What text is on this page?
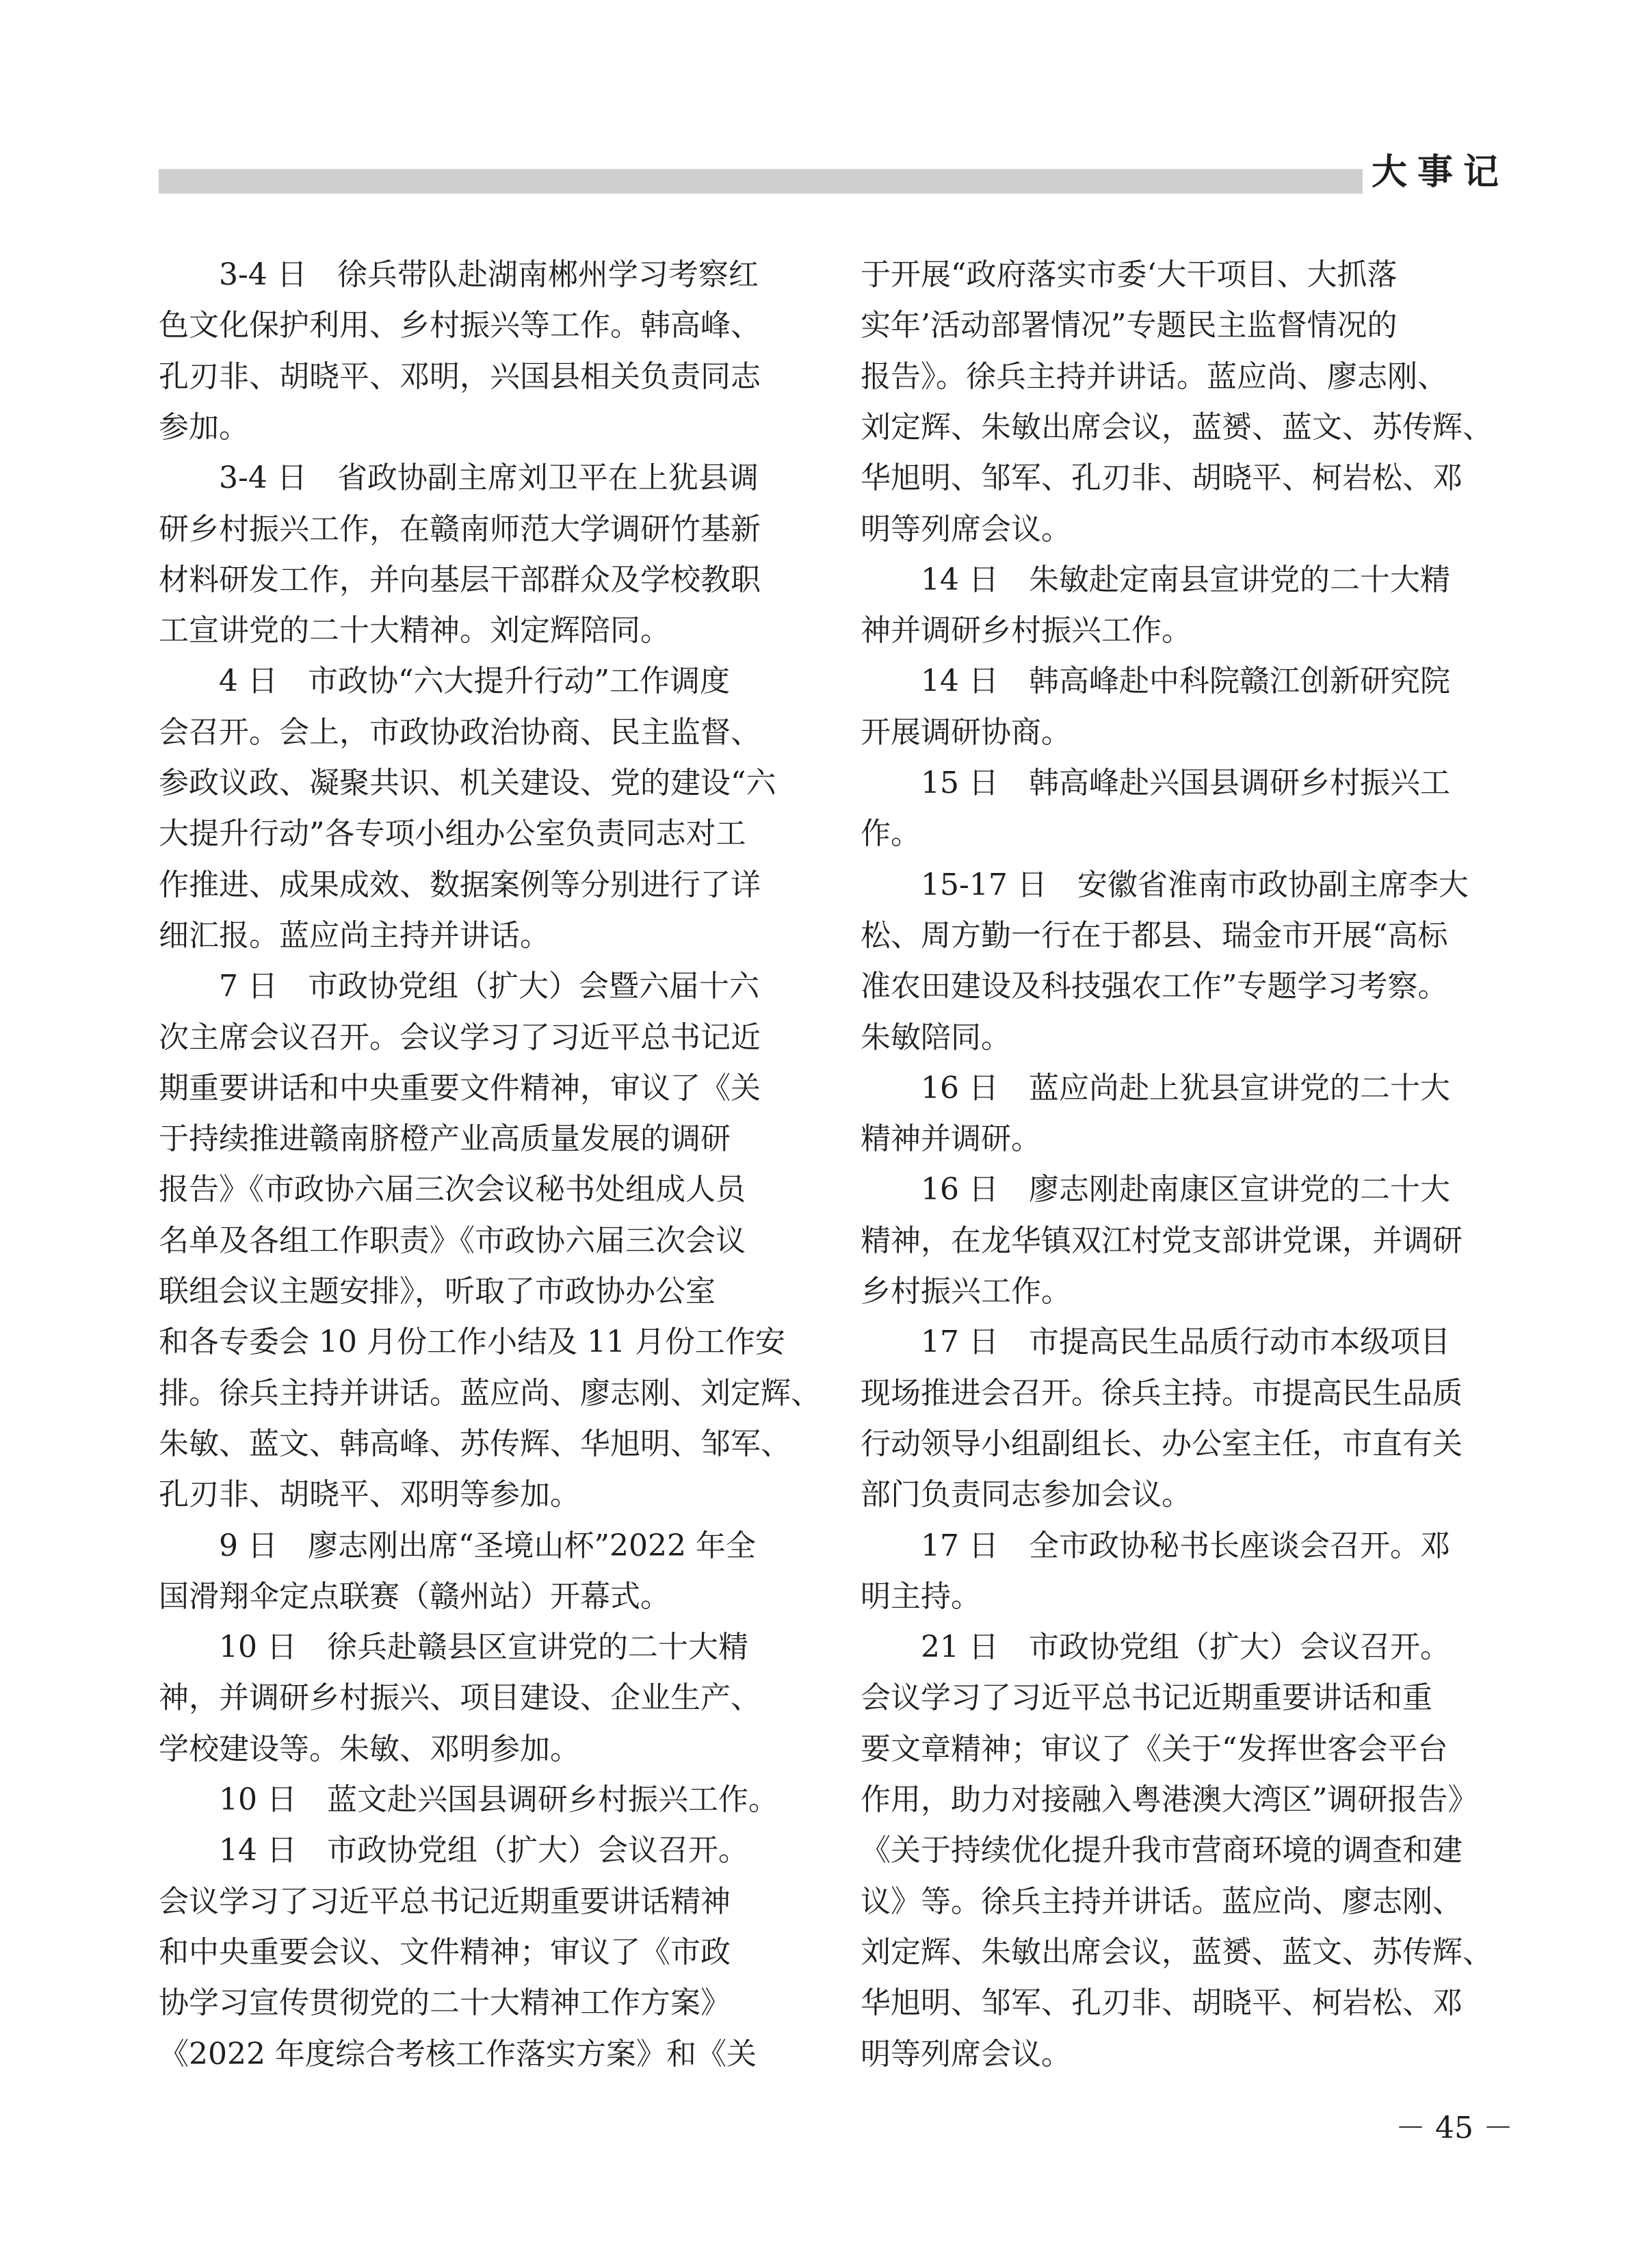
大事记
3-4 日　徐兵带队赴湖南郴州学习考察红
色文化保护利用、乡村振兴等工作。韩高峰、
孔刃非、胡晓平、邓明，兴国县相关负责同志
参加。
3-4 日　省政协副主席刘卫平在上犹县调
研乡村振兴工作，在赣南师范大学调研竹基新
材料研发工作，并向基层干部群众及学校教职
工宣讲党的二十大精神。刘定辉陪同。
4 日　市政协“六大提升行动”工作调度
会召开。会上，市政协政治协商、民主监督、
参政议政、凝聚共识、机关建设、党的建设“六
大提升行动”各专项小组办公室负责同志对工
作推进、成果成效、数据案例等分别进行了详
细汇报。蓝应尚主持并讲话。
7 日　市政协党组（扩大）会暨六届十六
次主席会议召开。会议学习了习近平总书记近
期重要讲话和中央重要文件精神，审议了《关
于持续推进赣南脐橙产业高质量发展的调研
报告》《市政协六届三次会议秘书处组成人员
名单及各组工作职责》《市政协六届三次会议
联组会议主题安排》，听取了市政协办公室
和各专委会 10 月份工作小结及 11 月份工作安
排。徐兵主持并讲话。蓝应尚、廖志刚、刘定辉、
朱敏、蓝文、韩高峰、苏传辉、华旭明、邹军、
孔刃非、胡晓平、邓明等参加。
9 日　廖志刚出席“圣境山杯”2022 年全
国滑翔伞定点联赛（赣州站）开幕式。
10 日　徐兵赴赣县区宣讲党的二十大精
神，并调研乡村振兴、项目建设、企业生产、
学校建设等。朱敏、邓明参加。
10 日　蓝文赴兴国县调研乡村振兴工作。
14 日　市政协党组（扩大）会议召开。
会议学习了习近平总书记近期重要讲话精神
和中央重要会议、文件精神；审议了《市政
协学习宣传贯彻党的二十大精神工作方案》
《2022 年度综合考核工作落实方案》和《关
于开展“政府落实市委‘大干项目、大抓落
实年’活动部署情况”专题民主监督情况的
报告》。徐兵主持并讲话。蓝应尚、廖志刚、
刘定辉、朱敏出席会议，蓝赟、蓝文、苏传辉、
华旭明、邹军、孔刃非、胡晓平、柯岩松、邓
明等列席会议。
14 日　朱敏赴定南县宣讲党的二十大精
神并调研乡村振兴工作。
14 日　韩高峰赴中科院赣江创新研究院
开展调研协商。
15 日　韩高峰赴兴国县调研乡村振兴工
作。
15-17 日　安徽省淮南市政协副主席李大
松、周方勤一行在于都县、瑞金市开展“高标
准农田建设及科技强农工作”专题学习考察。
朱敏陪同。
16 日　蓝应尚赴上犹县宣讲党的二十大
精神并调研。
16 日　廖志刚赴南康区宣讲党的二十大
精神，在龙华镇双江村党支部讲党课，并调研
乡村振兴工作。
17 日　市提高民生品质行动市本级项目
现场推进会召开。徐兵主持。市提高民生品质
行动领导小组副组长、办公室主任，市直有关
部门负责同志参加会议。
17 日　全市政协秘书长座谈会召开。邓
明主持。
21 日　市政协党组（扩大）会议召开。
会议学习了习近平总书记近期重要讲话和重
要文章精神；审议了《关于“发挥世客会平台
作用，助力对接融入粤港澳大湾区”调研报告》
《关于持续优化提升我市营商环境的调查和建
议》等。徐兵主持并讲话。蓝应尚、廖志刚、
刘定辉、朱敏出席会议，蓝赟、蓝文、苏传辉、
华旭明、邹军、孔刃非、胡晓平、柯岩松、邓
明等列席会议。
－ 45 －
